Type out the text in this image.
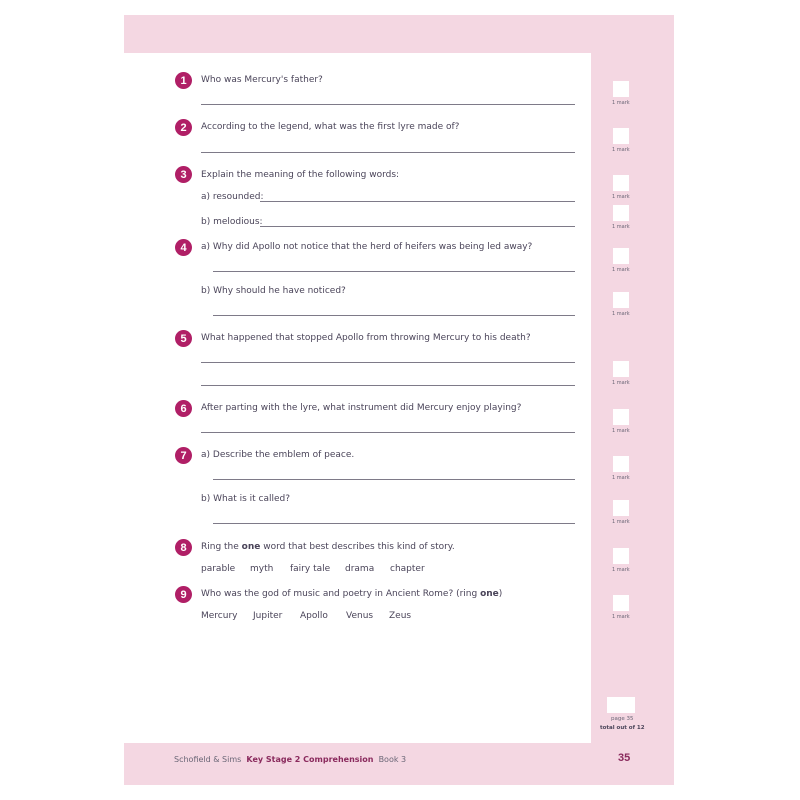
1	Who was Mercury's father?
2	According to the legend, what was the first lyre made of?
3	Explain the meaning of the following words:
a) resounded:
b) melodious:
4	a) Why did Apollo not notice that the herd of heifers was being led away?
b) Why should he have noticed?
5	What happened that stopped Apollo from throwing Mercury to his death?
6	After parting with the lyre, what instrument did Mercury enjoy playing?
7	a) Describe the emblem of peace.
b) What is it called?
8	Ring the one word that best describes this kind of story.
parable myth fairy tale drama chapter
9	Who was the god of music and poetry in Ancient Rome? (ring one)
Mercury Jupiter Apollo Venus Zeus
1 mark
1 mark
1 mark
1 mark
1 mark
1 mark
1 mark
1 mark
1 mark
1 mark
1 mark
1 mark
page 35
total out of 12
Schofield & Sims Key Stage 2 Comprehension Book 3	35
